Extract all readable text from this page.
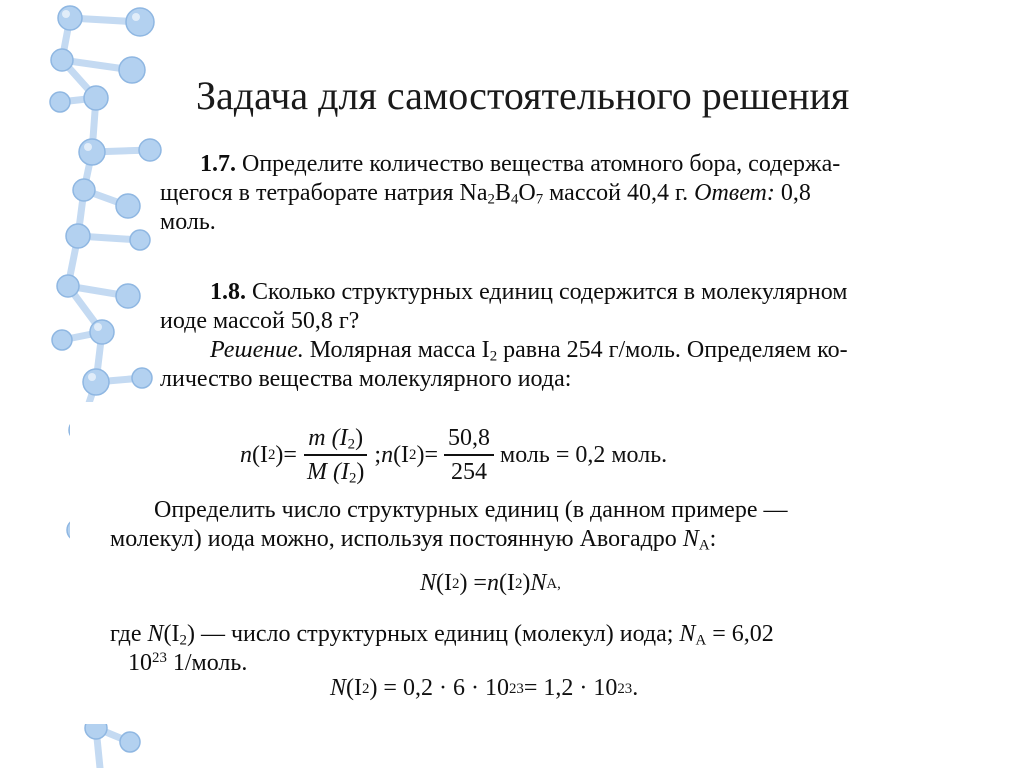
Задача для самостоятельного решения
1.7. Определите количество вещества атомного бора, содержа-
щегося в тетраборате натрия $Na_2B_4O_7$ массой 40,4 г. Ответ: 0,8
моль.
1.8. Сколько структурных единиц содержится в молекулярном
иоде массой 50,8 г?
Решение. Молярная масса $I_2$ равна 254 г/моль. Определяем ко-
личество вещества молекулярного иода:
n (I 2 ) = $\frac{m (I_2)}{M (I_2)}$ ; n (I 2 ) = $\frac{50,8}{254}$ моль = 0,2 моль.
Определить число структурных единиц (в данном примере —
молекул) иода можно, используя постоянную Авогадро $N_A$:
N (I 2 ) = n (I 2 ) N A,
где $N(I_2)$ — число структурных единиц (молекул) иода; $N_A = 6,02$
$10^{23}$ 1/моль.
N (I 2 ) = 0,2 · 6 · 10 23 = 1,2 · 10 23 .
